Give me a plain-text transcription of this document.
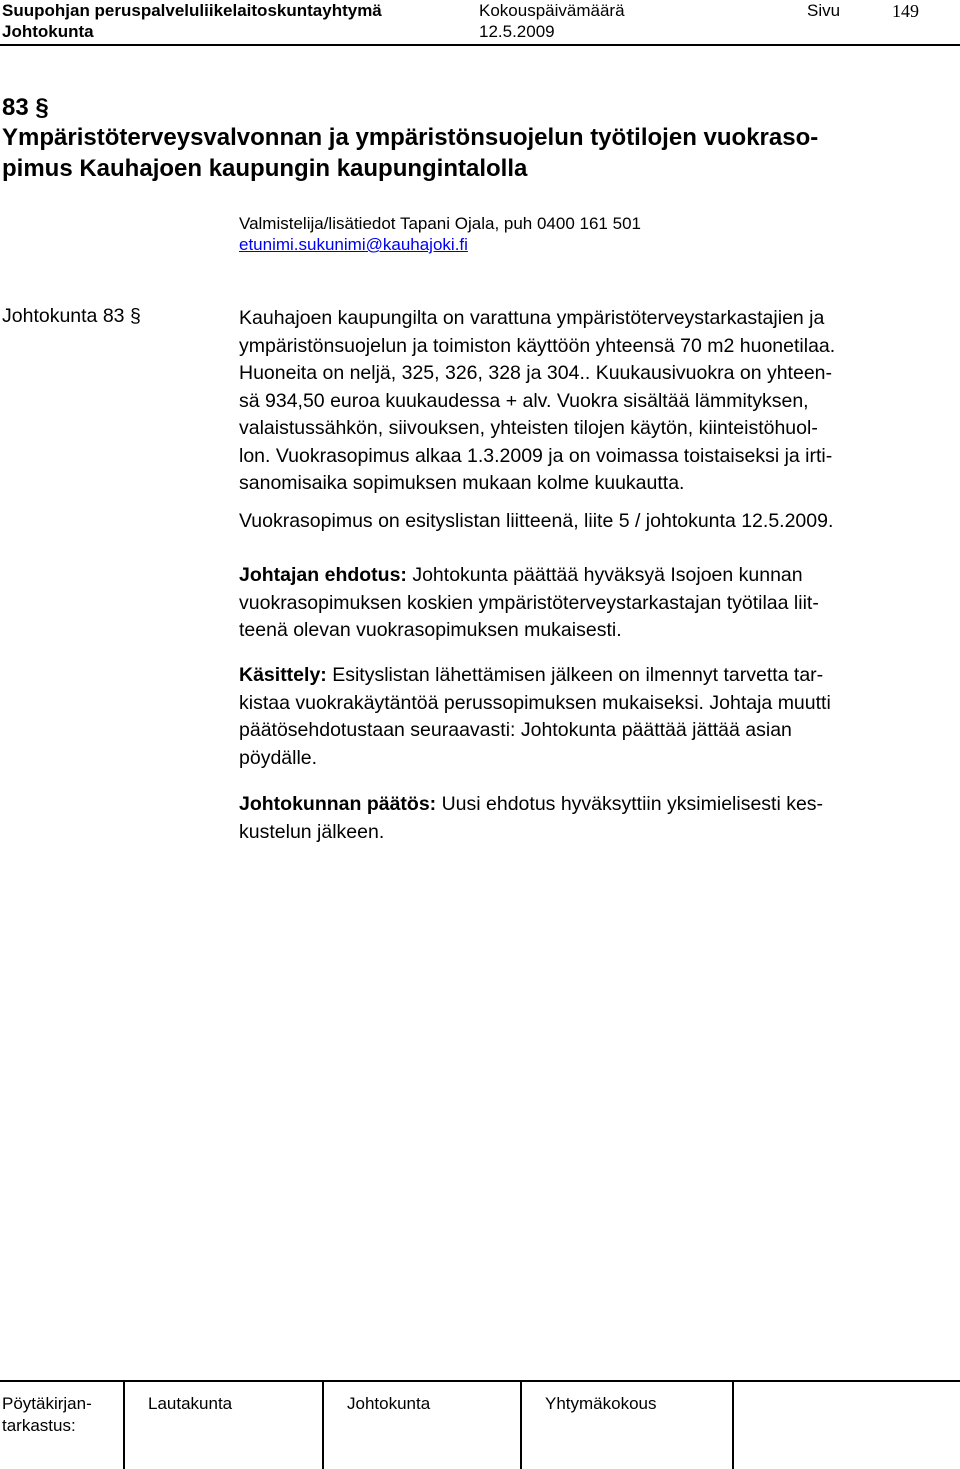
Suupohjan peruspalveluliikelaitoskuntayhtymä
Johtokunta
Kokouspäivämäärä
12.5.2009
Sivu	149
83 §
Ympäristöterveysvalvonnan ja ympäristönsuojelun työtilojen vuokraso-
pimus Kauhajoen kaupungin kaupungintalolla
Valmistelija/lisätiedot Tapani Ojala, puh 0400 161 501
etunimi.sukunimi@kauhajoki.fi
Johtokunta 83 §	Kauhajoen kaupungilta on varattuna ympäristöterveystarkastajien ja
ympäristönsuojelun ja toimiston käyttöön yhteensä 70 m2 huonetilaa.
Huoneita on neljä, 325, 326, 328 ja 304.. Kuukausivuokra on yhteen-
sä 934,50 euroa kuukaudessa + alv. Vuokra sisältää lämmityksen,
valaistussähkön, siivouksen, yhteisten tilojen käytön, kiinteistöhuol-
lon. Vuokrasopimus alkaa 1.3.2009 ja on voimassa toistaiseksi ja irti-
sanomisaika sopimuksen mukaan kolme kuukautta.
Vuokrasopimus on esityslistan liitteenä, liite 5 / johtokunta 12.5.2009.
Johtajan ehdotus: Johtokunta päättää hyväksyä Isojoen kunnan
vuokrasopimuksen koskien ympäristöterveystarkastajan työtilaa liit-
teenä olevan vuokrasopimuksen mukaisesti.
Käsittely: Esityslistan lähettämisen jälkeen on ilmennyt tarvetta tar-
kistaa vuokrakäytäntöä perussopimuksen mukaiseksi. Johtaja muutti
päätösehdotustaan seuraavasti: Johtokunta päättää jättää asian
pöydälle.
Johtokunnan päätös: Uusi ehdotus hyväksyttiin yksimielisesti kes-
kustelun jälkeen.
Pöytäkirjan-
tarkastus:
Lautakunta	Johtokunta	Yhtymäkokous
